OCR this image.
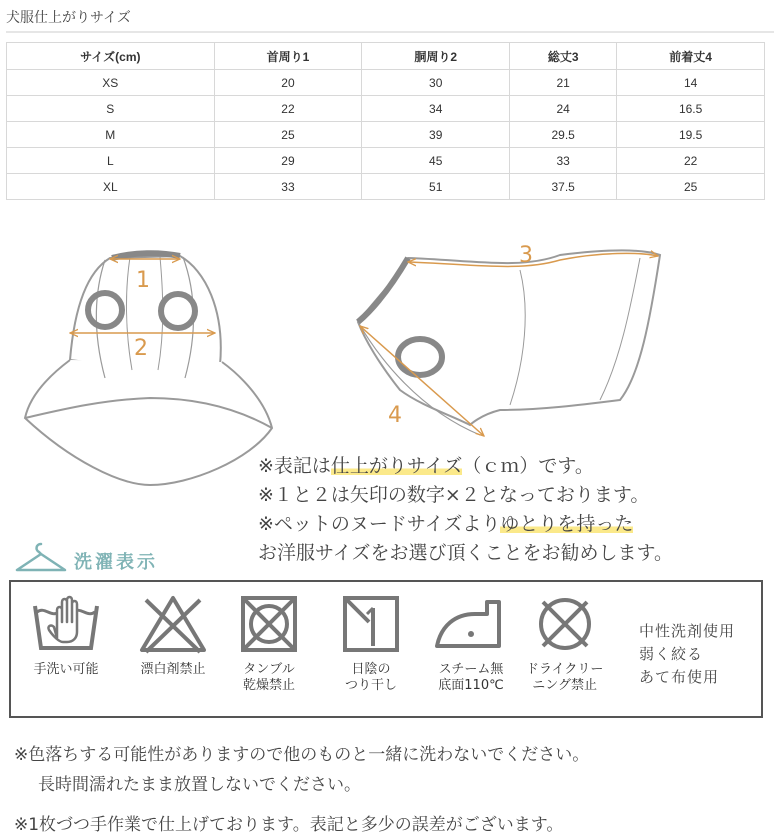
犬服仕上がりサイズ
サイズ(cm)	首周り1	胴周り2	総丈3	前着丈4
XS	20	30	21	14
S	22	34	24	16.5
M	25	39	29.5	19.5
L	29	45	33	22
XL	33	51	37.5	25
1
2
3
4
※表記は仕上がりサイズ（ｃｍ）です。
※１と２は矢印の数字×２となっております。
※ペットのヌードサイズよりゆとりを持った
お洋服サイズをお選び頂くことをお勧めします。
洗濯表示
手洗い可能	漂白剤禁止	タンブル
乾燥禁止
日陰の
つり干し
スチーム無
底面110℃
ドライクリー
ニング禁止
中性洗剤使用
弱く絞る
あて布使用
※色落ちする可能性がありますので他のものと一緒に洗わないでください。
長時間濡れたまま放置しないでください。
※1枚づつ手作業で仕上げております。表記と多少の誤差がございます。
